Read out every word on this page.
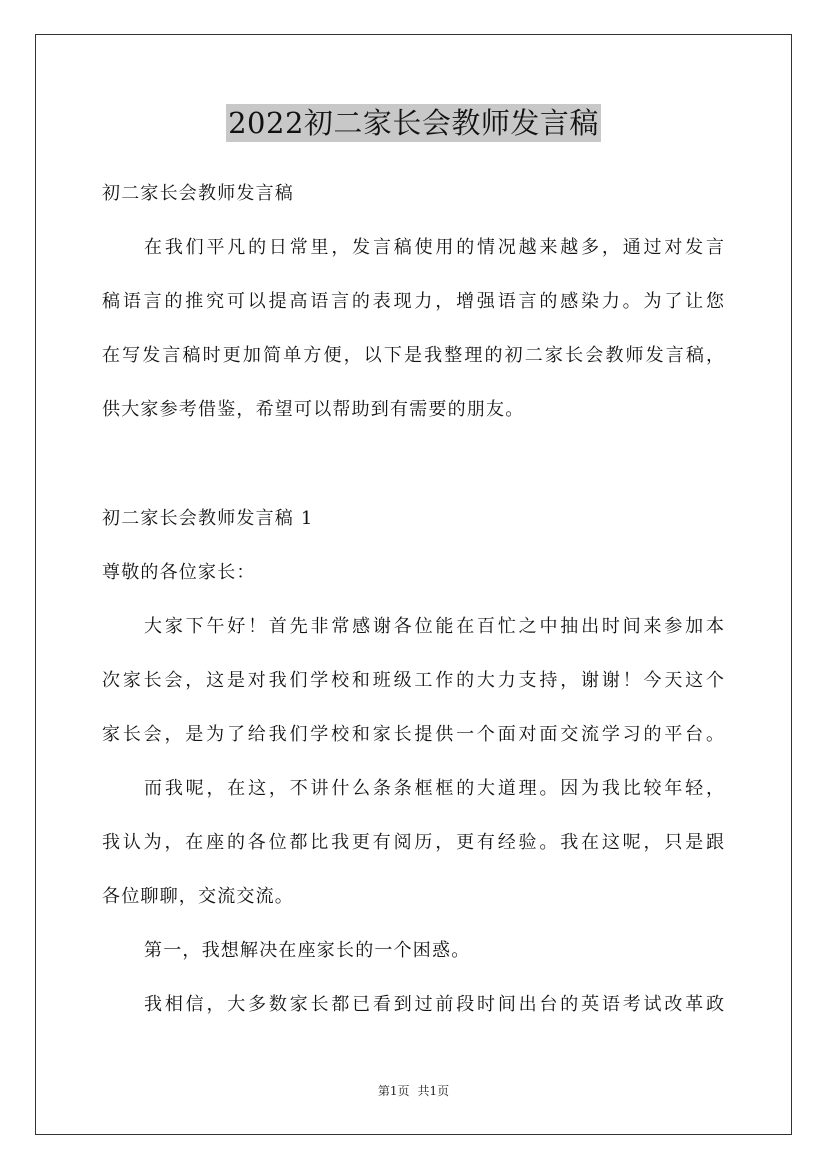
2022初二家长会教师发言稿
初二家长会教师发言稿
在我们平凡的日常里，发言稿使用的情况越来越多，通过对发言
稿语言的推究可以提高语言的表现力，增强语言的感染力。为了让您
在写发言稿时更加简单方便，以下是我整理的初二家长会教师发言稿，
供大家参考借鉴，希望可以帮助到有需要的朋友。
初二家长会教师发言稿 1
尊敬的各位家长：
大家下午好！首先非常感谢各位能在百忙之中抽出时间来参加本
次家长会，这是对我们学校和班级工作的大力支持，谢谢！今天这个
家长会，是为了给我们学校和家长提供一个面对面交流学习的平台。
而我呢，在这，不讲什么条条框框的大道理。因为我比较年轻，
我认为，在座的各位都比我更有阅历，更有经验。我在这呢，只是跟
各位聊聊，交流交流。
第一，我想解决在座家长的一个困惑。
我相信，大多数家长都已看到过前段时间出台的英语考试改革政
第1页 共1页
